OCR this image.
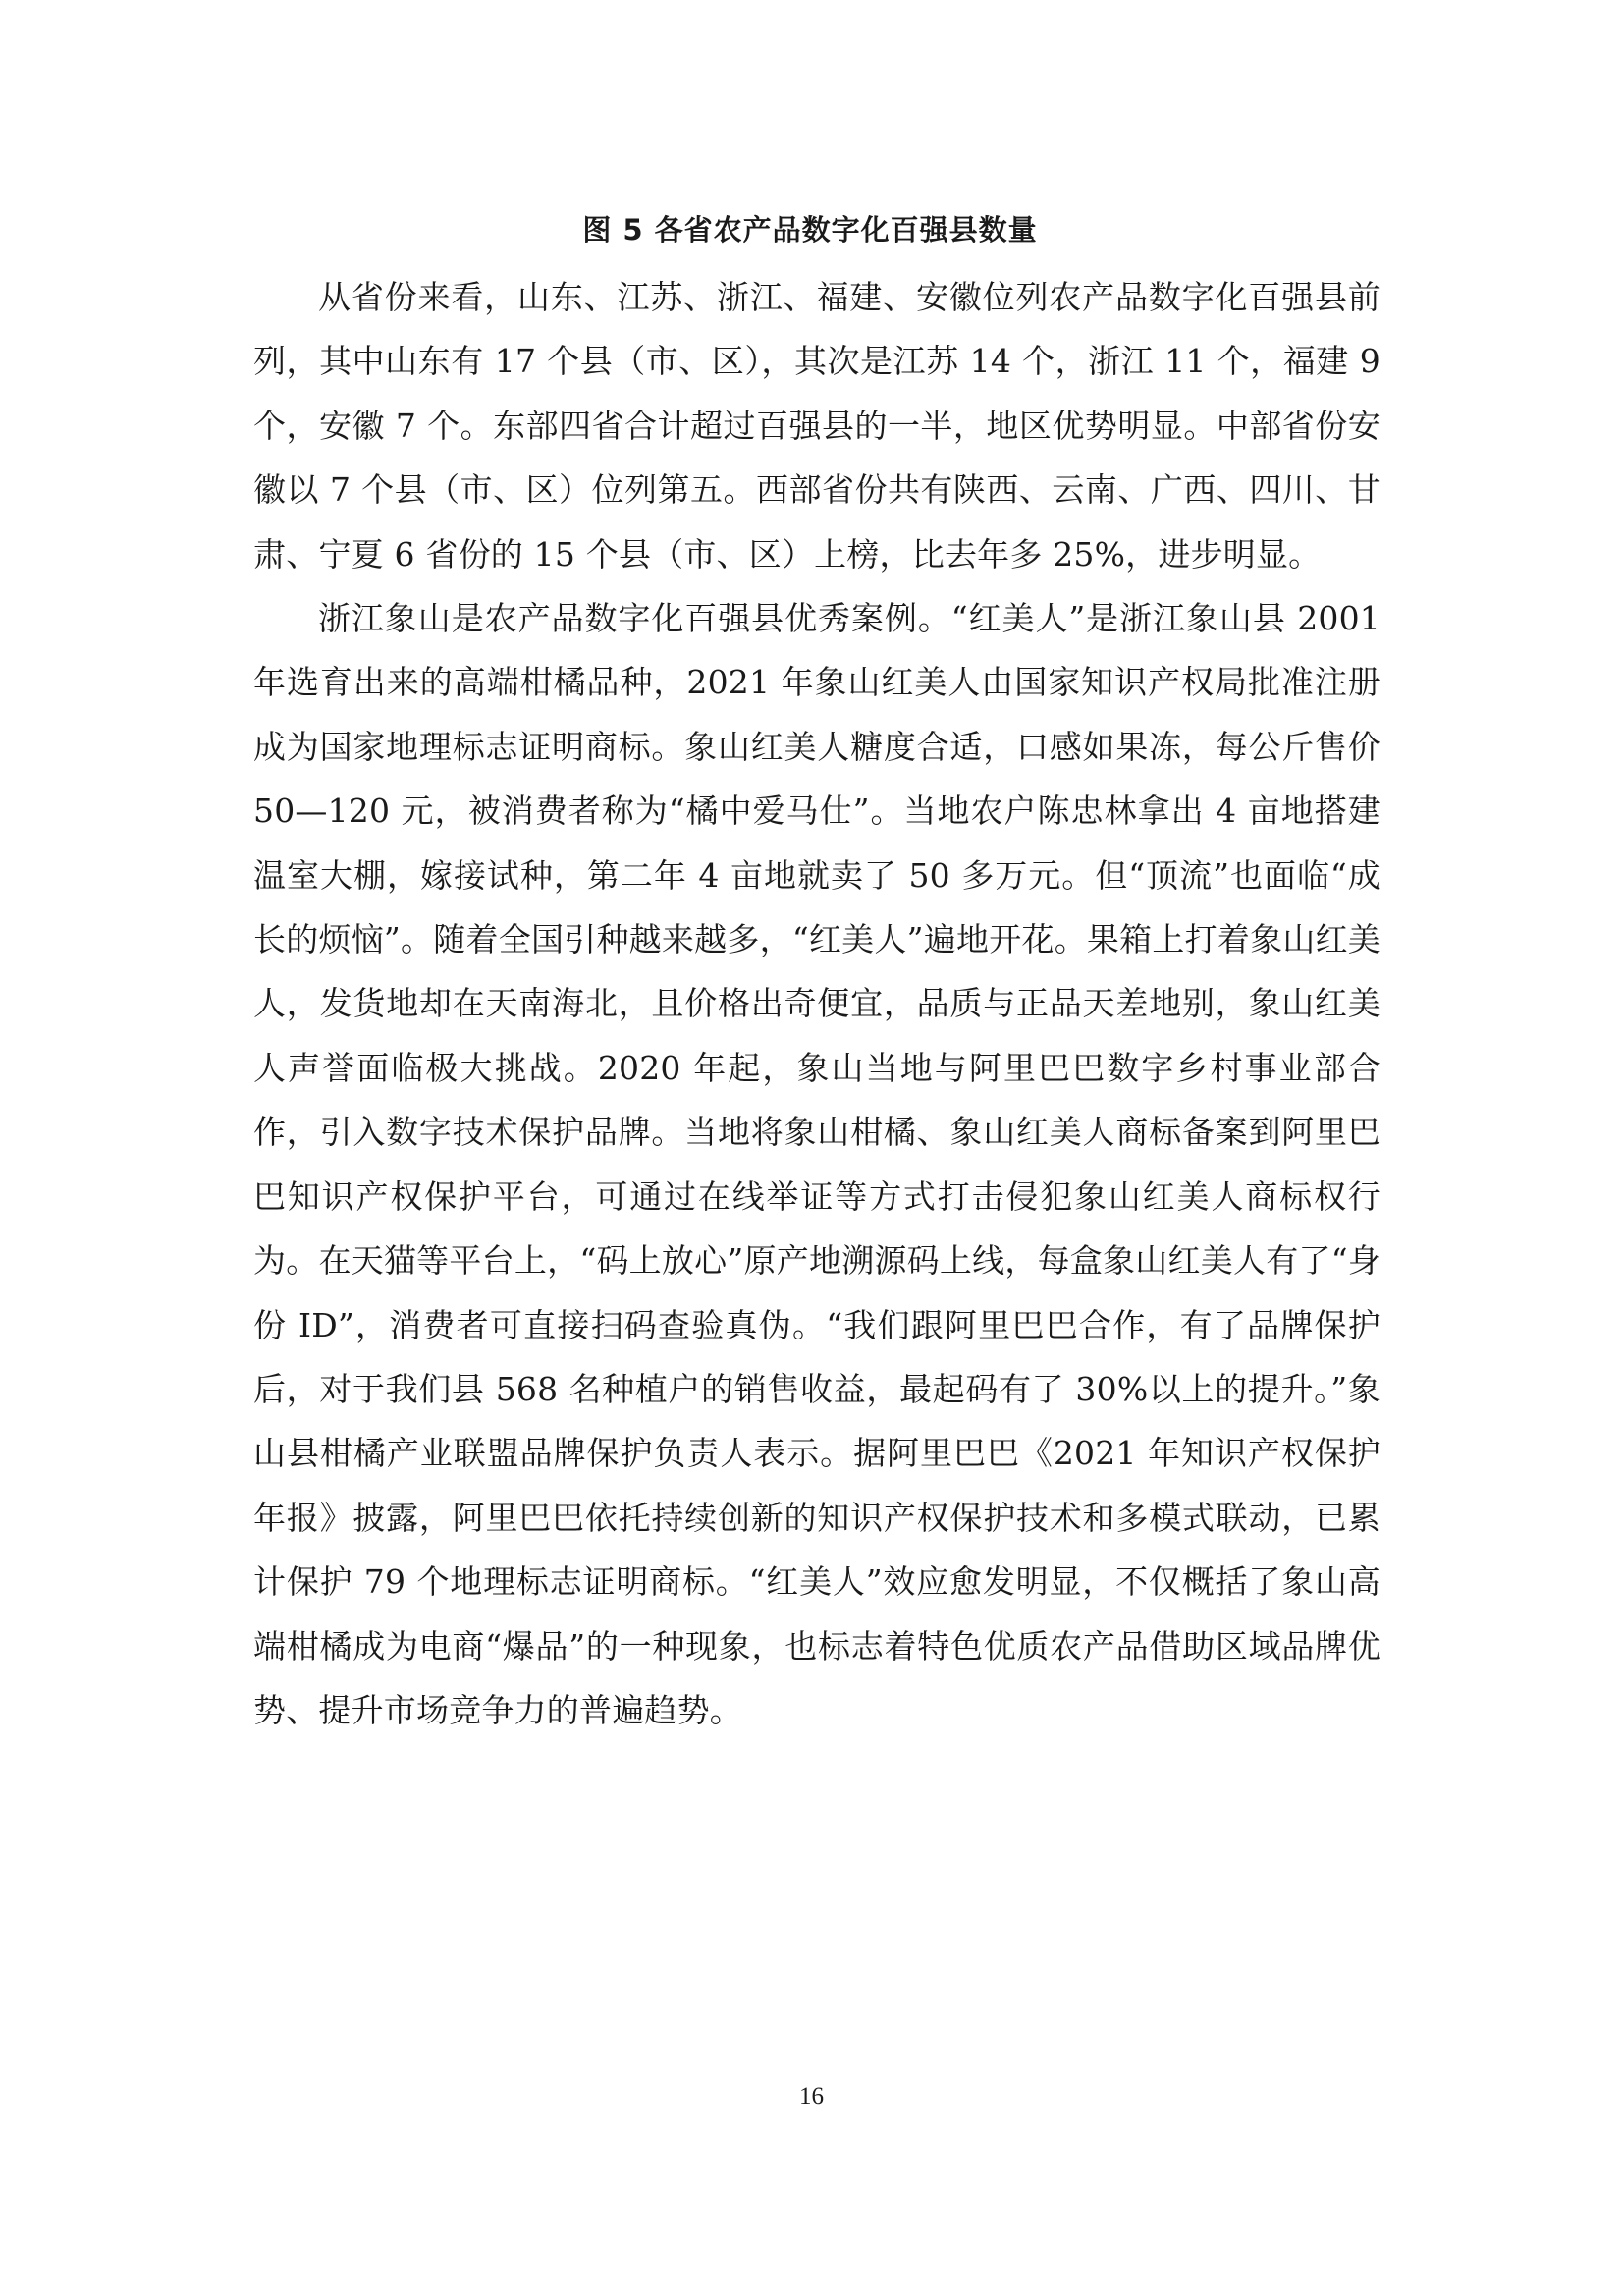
图 5 各省农产品数字化百强县数量

从省份来看，山东、江苏、浙江、福建、安徽位列农产品数字化百强县前列，其中山东有 17 个县（市、区），其次是江苏 14 个，浙江 11 个，福建 9 个，安徽 7 个。东部四省合计超过百强县的一半，地区优势明显。中部省份安徽以 7 个县（市、区）位列第五。西部省份共有陕西、云南、广西、四川、甘肃、宁夏 6 省份的 15 个县（市、区）上榜，比去年多 25%，进步明显。

浙江象山是农产品数字化百强县优秀案例。“红美人”是浙江象山县 2001 年选育出来的高端柑橘品种，2021 年象山红美人由国家知识产权局批准注册成为国家地理标志证明商标。象山红美人糖度合适，口感如果冻，每公斤售价 50—120 元，被消费者称为“橘中爱马仕”。当地农户陈忠林拿出 4 亩地搭建温室大棚，嫁接试种，第二年 4 亩地就卖了 50 多万元。但“顶流”也面临“成长的烦恼”。随着全国引种越来越多，“红美人”遍地开花。果箱上打着象山红美人，发货地却在天南海北，且价格出奇便宜，品质与正品天差地别，象山红美人声誉面临极大挑战。2020 年起，象山当地与阿里巴巴数字乡村事业部合作，引入数字技术保护品牌。当地将象山柑橘、象山红美人商标备案到阿里巴巴知识产权保护平台，可通过在线举证等方式打击侵犯象山红美人商标权行为。在天猫等平台上，“码上放心”原产地溯源码上线，每盒象山红美人有了“身份 ID”，消费者可直接扫码查验真伪。“我们跟阿里巴巴合作，有了品牌保护后，对于我们县 568 名种植户的销售收益，最起码有了 30%以上的提升。”象山县柑橘产业联盟品牌保护负责人表示。据阿里巴巴《2021 年知识产权保护年报》披露，阿里巴巴依托持续创新的知识产权保护技术和多模式联动，已累计保护 79 个地理标志证明商标。“红美人”效应愈发明显，不仅概括了象山高端柑橘成为电商“爆品”的一种现象，也标志着特色优质农产品借助区域品牌优势、提升市场竞争力的普遍趋势。

16
